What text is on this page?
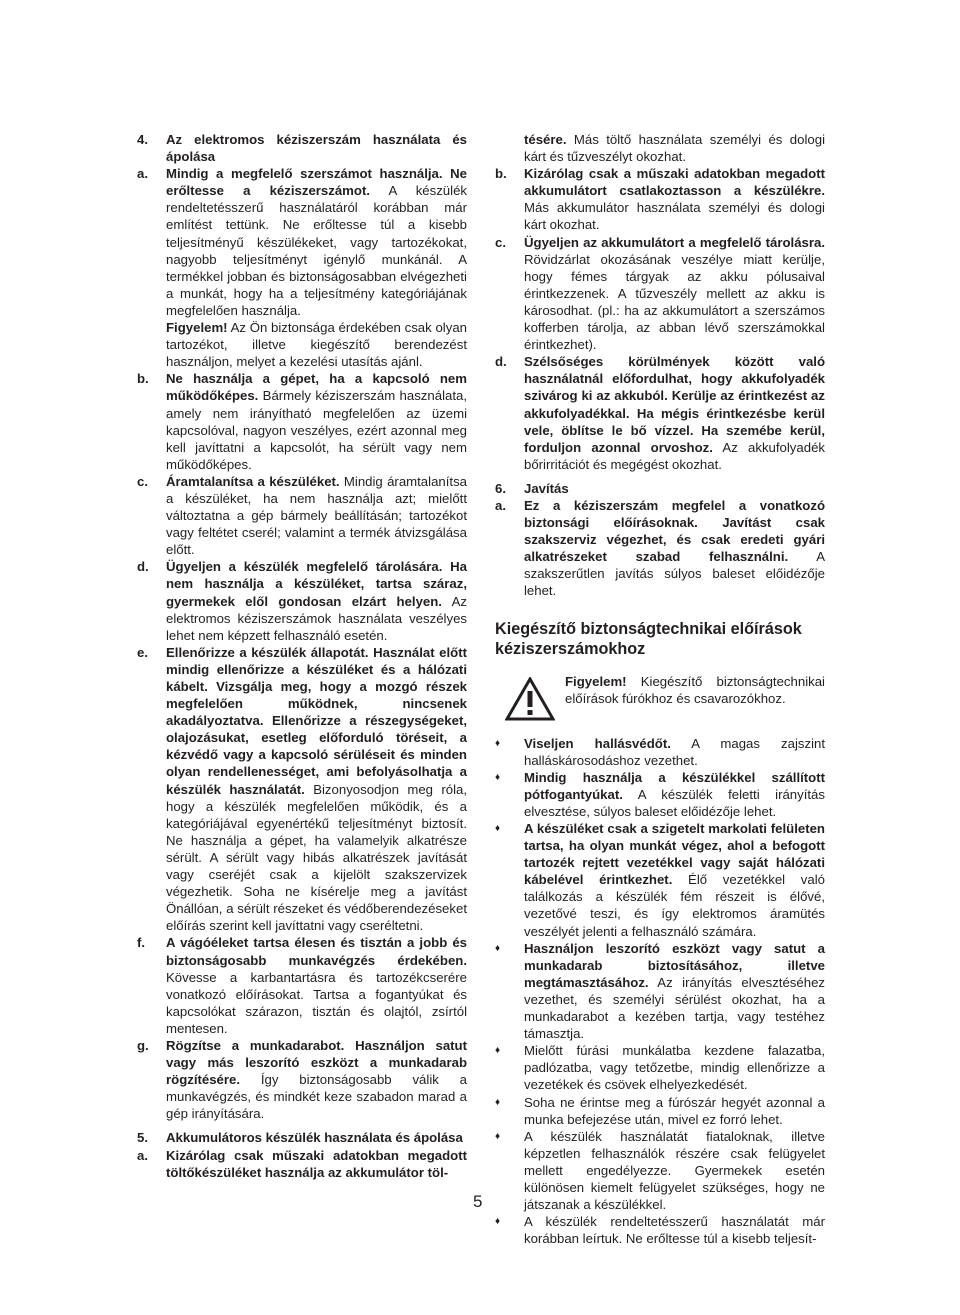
4.	Az elektromos kéziszerszám használata és ápolása
a.	Mindig a megfelelő szerszámot használja. Ne erőltesse a kéziszerszámot. A készülék rendeltetésszerű használatáról korábban már említést tettünk. Ne erőltesse túl a kisebb teljesítményű készülékeket, vagy tartozékokat, nagyobb teljesítményt igénylő munkánál. A termékkel jobban és biztonságosabban elvégezheti a munkát, hogy ha a teljesítmény kategóriájának megfelelően használja.
Figyelem! Az Ön biztonsága érdekében csak olyan tartozékot, illetve kiegészítő berendezést használjon, melyet a kezelési utasítás ajánl.
b.	Ne használja a gépet, ha a kapcsoló nem működőképes. Bármely kéziszerszám használata, amely nem irányítható megfelelően az üzemi kapcsolóval, nagyon veszélyes, ezért azonnal meg kell javíttatni a kapcsolót, ha sérült vagy nem működőképes.
c.	Áramtalanítsa a készüléket. Mindig áramtalanítsa a készüléket, ha nem használja azt; mielőtt változtatna a gép bármely beállításán; tartozékot vagy feltétet cserél; valamint a termék átvizsgálása előtt.
d.	Ügyeljen a készülék megfelelő tárolására. Ha nem használja a készüléket, tartsa száraz, gyermekek elől gondosan elzárt helyen. Az elektromos kéziszerszámok használata veszélyes lehet nem képzett felhasználó esetén.
e.	Ellenőrizze a készülék állapotát. Használat előtt mindig ellenőrizze a készüléket és a hálózati kábelt. Vizsgálja meg, hogy a mozgó részek megfelelően működnek, nincsenek akadályoztatva. Ellenőrizze a részegységeket, olajozásukat, esetleg előforduló töréseit, a kézvédő vagy a kapcsoló sérüléseit és minden olyan rendellenességet, ami befolyásolhatja a készülék használatát. Bizonyosodjon meg róla, hogy a készülék megfelelően működik, és a kategóriájával egyenértékű teljesítményt biztosít. Ne használja a gépet, ha valamelyik alkatrésze sérült. A sérült vagy hibás alkatrészek javítását vagy cseréjét csak a kijelölt szakszervizek végezhetik. Soha ne kísérelje meg a javítást Önállóan, a sérült részeket és védőberendezéseket előírás szerint kell javíttatni vagy cseréltetni.
f.	A vágóéleket tartsa élesen és tisztán a jobb és biztonságosabb munkavégzés érdekében. Kövesse a karbantartásra és tartozékcserére vonatkozó előírásokat. Tartsa a fogantyúkat és kapcsolókat szárazon, tisztán és olajtól, zsírtól mentesen.
g.	Rögzítse a munkadarabot. Használjon satut vagy más leszorító eszközt a munkadarab rögzítésére. Így biztonságosabb válik a munkavégzés, és mindkét keze szabadon marad a gép irányítására.
5.	Akkumulátoros készülék használata és ápolása
a.	Kizárólag csak műszaki adatokban megadott töltőkészüléket használja az akkumulátor töl-
tésére. Más töltő használata személyi és dologi kárt és tűzveszélyt okozhat.
b.	Kizárólag csak a műszaki adatokban megadott akkumulátort csatlakoztasson a készülékre. Más akkumulátor használata személyi és dologi kárt okozhat.
c.	Ügyeljen az akkumulátort a megfelelő tárolásra. Rövidzárlat okozásának veszélye miatt kerülje, hogy fémes tárgyak az akku pólusaival érintkezzenek. A tűzveszély mellett az akku is károsodhat. (pl.: ha az akkumulátort a szerszámos kofferben tárolja, az abban lévő szerszámokkal érintkezhet).
d.	Szélsőséges körülmények között való használatnál előfordulhat, hogy akkufolyadék szivárog ki az akkuból. Kerülje az érintkezést az akkufolyadékkal. Ha mégis érintkezésbe kerül vele, öblítse le bő vízzel. Ha szemébe kerül, forduljon azonnal orvoshoz. Az akkufolyadék bőrirritációt és megégést okozhat.
6.	Javítás
a.	Ez a kéziszerszám megfelel a vonatkozó biztonsági előírásoknak. Javítást csak szakszerviz végezhet, és csak eredeti gyári alkatrészeket szabad felhasználni. A szakszerűtlen javítás súlyos baleset előidézője lehet.
Kiegészítő biztonságtechnikai előírások kéziszerszámokhoz
Figyelem! Kiegészítő biztonságtechnikai előírások fúrókhoz és csavarozókhoz.
♦	Viseljen hallásvédőt. A magas zajszint halláskárosodáshoz vezethet.
♦	Mindig használja a készülékkel szállított pótfogantyúkat. A készülék feletti irányítás elvesztése, súlyos baleset előidézője lehet.
♦	A készüléket csak a szigetelt markolati felületen tartsa, ha olyan munkát végez, ahol a befogott tartozék rejtett vezetékkel vagy saját hálózati kábelével érintkezhet. Élő vezetékkel való találkozás a készülék fém részeit is élővé, vezetővé teszi, és így elektromos áramütés veszélyét jelenti a felhasználó számára.
♦	Használjon leszorító eszközt vagy satut a munkadarab biztosításához, illetve megtámasztásához. Az irányítás elvesztéséhez vezethet, és személyi sérülést okozhat, ha a munkadarabot a kezében tartja, vagy testéhez támasztja.
♦	Mielőtt fúrási munkálatba kezdene falazatba, padlózatba, vagy tetőzetbe, mindig ellenőrizze a vezetékek és csövek elhelyezkedését.
♦	Soha ne érintse meg a fúrószár hegyét azonnal a munka befejezése után, mivel ez forró lehet.
♦	A készülék használatát fiataloknak, illetve képzetlen felhasználók részére csak felügyelet mellett engedélyezze. Gyermekek esetén különösen kiemelt felügyelet szükséges, hogy ne játszanak a készülékkel.
♦	A készülék rendeltetésszerű használatát már korábban leírtuk. Ne erőltesse túl a kisebb teljesít-
5
